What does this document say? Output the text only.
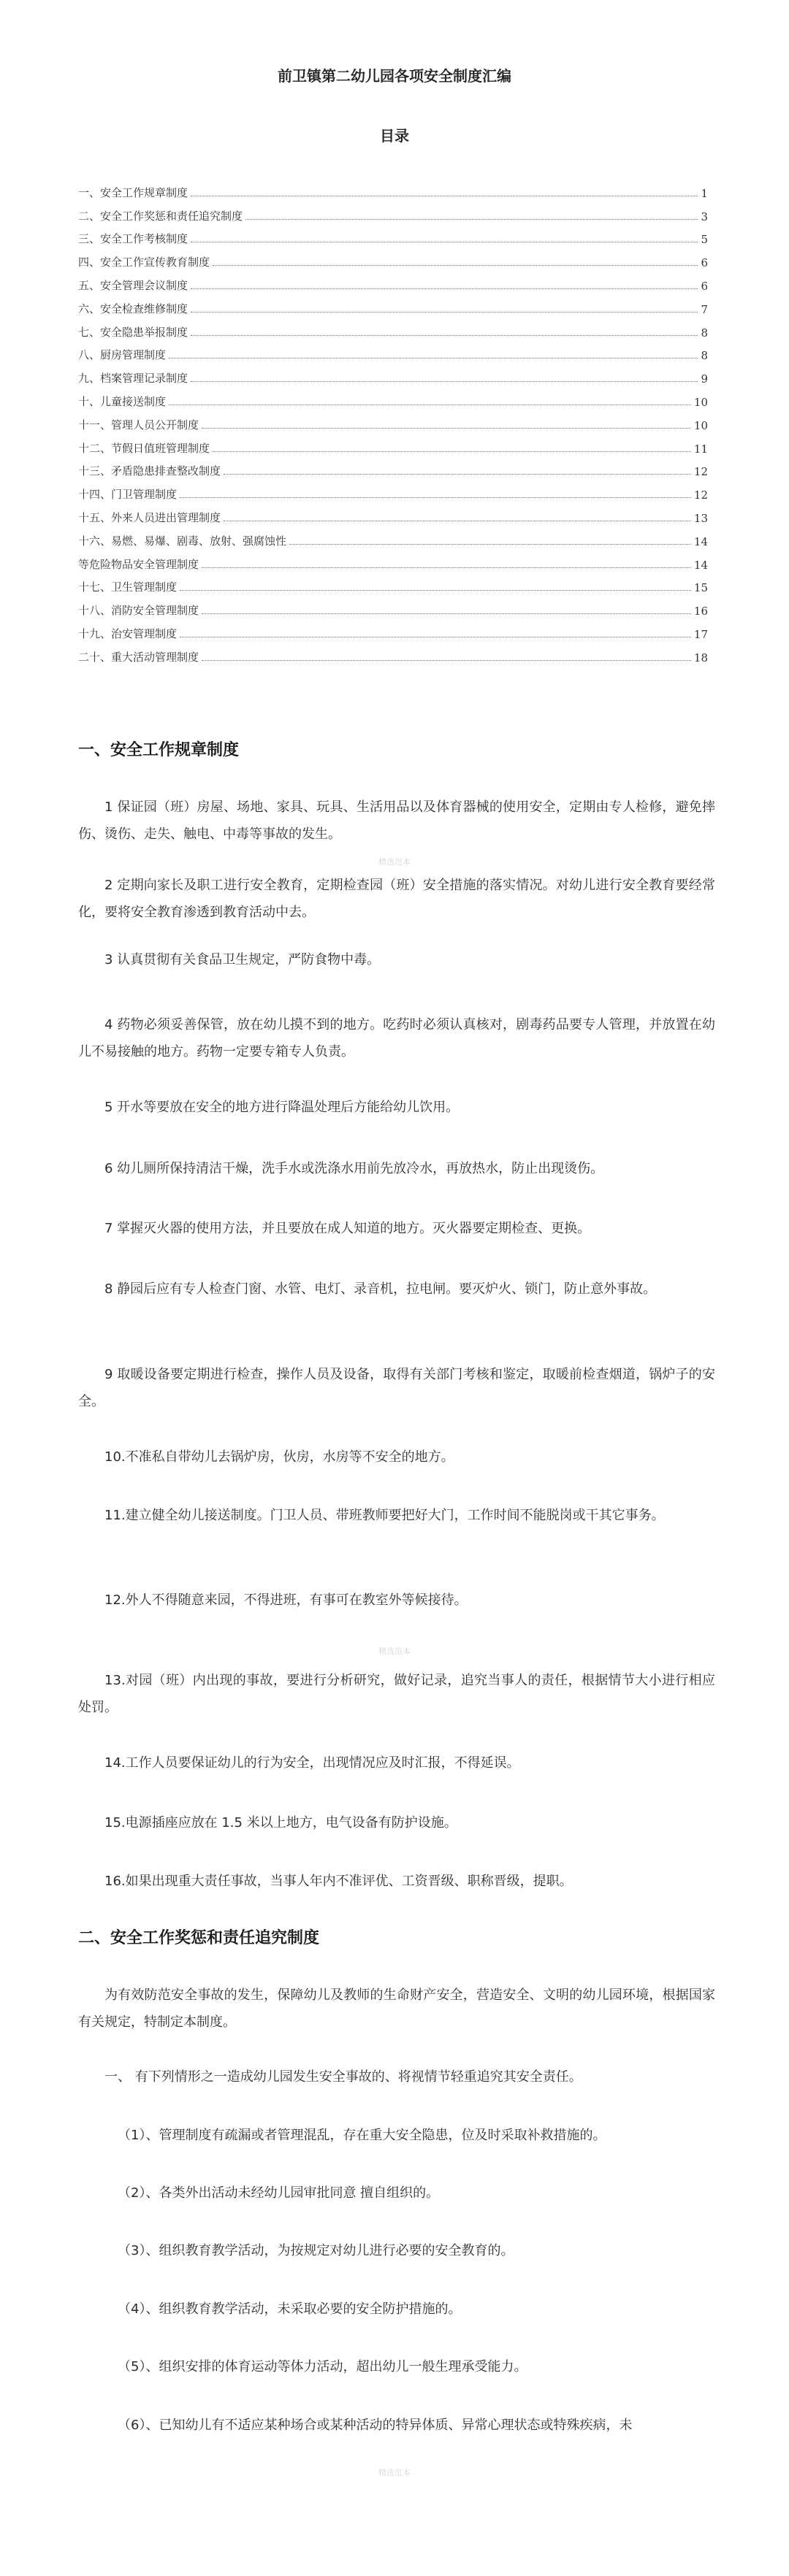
前卫镇第二幼儿园各项安全制度汇编
目录
一、安全工作规章制度	1
二、安全工作奖惩和责任追究制度	3
三、安全工作考核制度	5
四、安全工作宣传教育制度	6
五、安全管理会议制度	6
六、安全检查维修制度	7
七、安全隐患举报制度	8
八、厨房管理制度	8
九、档案管理记录制度	9
十、儿童接送制度	10
十一、管理人员公开制度	10
十二、节假日值班管理制度	11
十三、矛盾隐患排查整改制度	12
十四、门卫管理制度	12
十五、外来人员进出管理制度	13
十六、易燃、易爆、剧毒、放射、强腐蚀性	14
等危险物品安全管理制度	14
十七、卫生管理制度	15
十八、消防安全管理制度	16
十九、治安管理制度	17
二十、重大活动管理制度	18
一、安全工作规章制度
1 保证园（班）房屋、场地、家具、玩具、生活用品以及体育器械的使用安全，定期由专人检修，避免摔伤、烫伤、走失、触电、中毒等事故的发生。
精选范本
2 定期向家长及职工进行安全教育，定期检查园（班）安全措施的落实情况。对幼儿进行安全教育要经常化，要将安全教育渗透到教育活动中去。
3 认真贯彻有关食品卫生规定，严防食物中毒。
4 药物必须妥善保管，放在幼儿摸不到的地方。吃药时必须认真核对，剧毒药品要专人管理，并放置在幼儿不易接触的地方。药物一定要专箱专人负责。
5 开水等要放在安全的地方进行降温处理后方能给幼儿饮用。
6 幼儿厕所保持清洁干燥，洗手水或洗涤水用前先放冷水，再放热水，防止出现烫伤。
7 掌握灭火器的使用方法，并且要放在成人知道的地方。灭火器要定期检查、更换。
8 静园后应有专人检查门窗、水管、电灯、录音机，拉电闸。要灭炉火、锁门，防止意外事故。
9 取暖设备要定期进行检查，操作人员及设备，取得有关部门考核和鉴定，取暖前检查烟道，锅炉子的安全。
10.不准私自带幼儿去锅炉房，伙房，水房等不安全的地方。
11.建立健全幼儿接送制度。门卫人员、带班教师要把好大门，工作时间不能脱岗或干其它事务。
12.外人不得随意来园，不得进班，有事可在教室外等候接待。
精选范本
13.对园（班）内出现的事故，要进行分析研究，做好记录，追究当事人的责任，根据情节大小进行相应处罚。
14.工作人员要保证幼儿的行为安全，出现情况应及时汇报，不得延误。
15.电源插座应放在 1.5 米以上地方，电气设备有防护设施。
16.如果出现重大责任事故，当事人年内不准评优、工资晋级、职称晋级，提职。
二、安全工作奖惩和责任追究制度
为有效防范安全事故的发生，保障幼儿及教师的生命财产安全，营造安全、文明的幼儿园环境，根据国家有关规定，特制定本制度。
一、 有下列情形之一造成幼儿园发生安全事故的、将视情节轻重追究其安全责任。
（1）、管理制度有疏漏或者管理混乱，存在重大安全隐患，位及时采取补救措施的。
（2）、各类外出活动未经幼儿园审批同意 擅自组织的。
（3）、组织教育教学活动，为按规定对幼儿进行必要的安全教育的。
（4）、组织教育教学活动，未采取必要的安全防护措施的。
（5）、组织安排的体育运动等体力活动，超出幼儿一般生理承受能力。
（6）、已知幼儿有不适应某种场合或某种活动的特异体质、异常心理状态或特殊疾病，未
精选范本
